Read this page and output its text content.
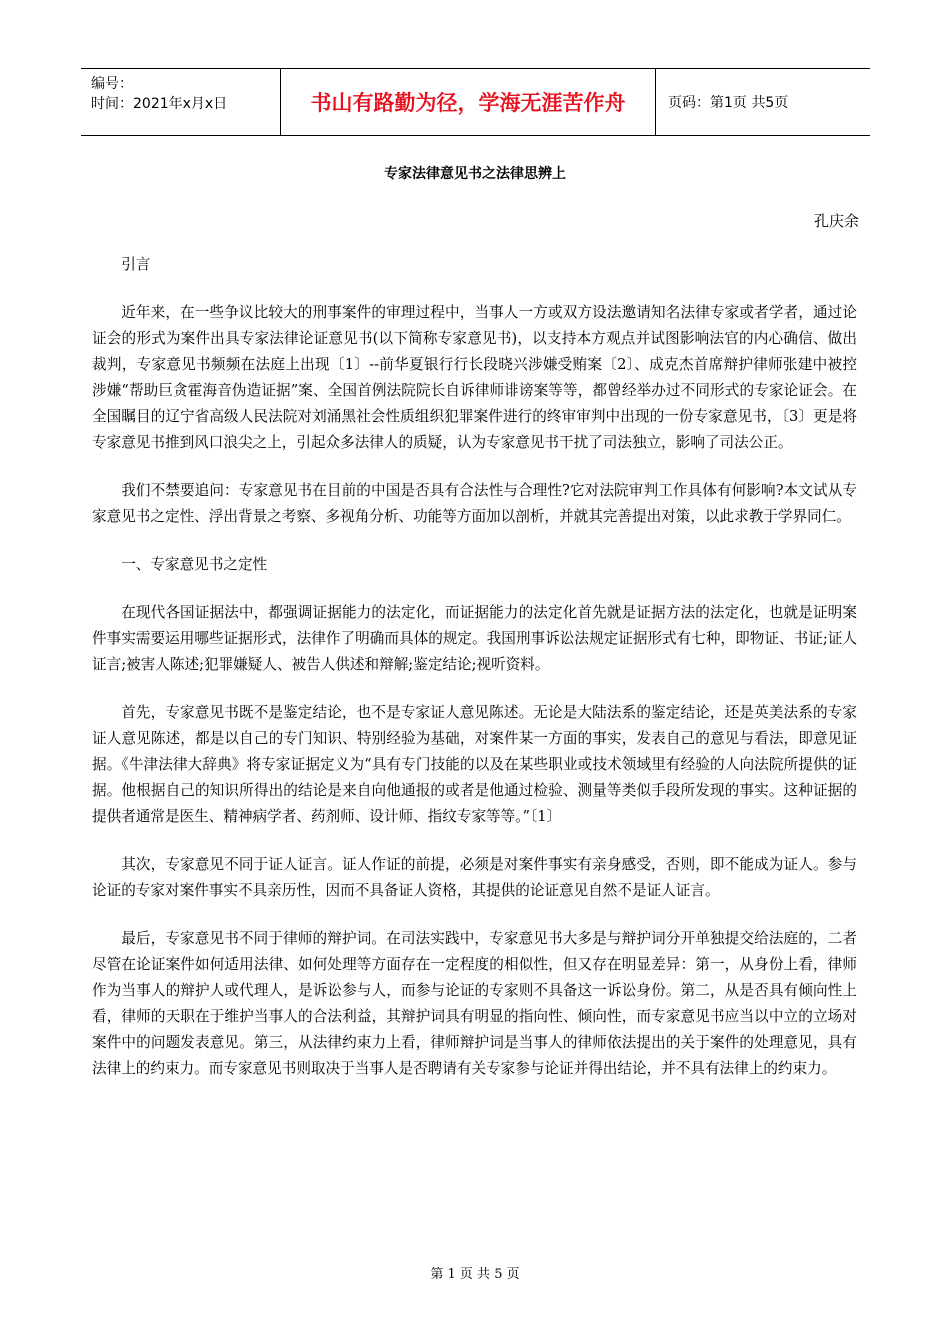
编号：
时间：2021年x月x日	书山有路勤为径，学海无涯苦作舟	页码：第1页 共5页
专家法律意见书之法律思辨上
孔庆余

引言

近年来，在一些争议比较大的刑事案件的审理过程中，当事人一方或双方设法邀请知名法律专家或者学者，通过论证会的形式为案件出具专家法律论证意见书(以下简称专家意见书)，以支持本方观点并试图影响法官的内心确信、做出裁判，专家意见书频频在法庭上出现〔1〕--前华夏银行行长段晓兴涉嫌受贿案〔2〕、成克杰首席辩护律师张建中被控涉嫌“帮助巨贪霍海音伪造证据”案、全国首例法院院长自诉律师诽谤案等等，都曾经举办过不同形式的专家论证会。在全国瞩目的辽宁省高级人民法院对刘涌黑社会性质组织犯罪案件进行的终审审判中出现的一份专家意见书，〔3〕更是将专家意见书推到风口浪尖之上，引起众多法律人的质疑，认为专家意见书干扰了司法独立，影响了司法公正。

我们不禁要追问：专家意见书在目前的中国是否具有合法性与合理性?它对法院审判工作具体有何影响?本文试从专家意见书之定性、浮出背景之考察、多视角分析、功能等方面加以剖析，并就其完善提出对策，以此求教于学界同仁。

一、专家意见书之定性

在现代各国证据法中，都强调证据能力的法定化，而证据能力的法定化首先就是证据方法的法定化，也就是证明案件事实需要运用哪些证据形式，法律作了明确而具体的规定。我国刑事诉讼法规定证据形式有七种，即物证、书证;证人证言;被害人陈述;犯罪嫌疑人、被告人供述和辩解;鉴定结论;视听资料。

首先，专家意见书既不是鉴定结论，也不是专家证人意见陈述。无论是大陆法系的鉴定结论，还是英美法系的专家证人意见陈述，都是以自己的专门知识、特别经验为基础，对案件某一方面的事实，发表自己的意见与看法，即意见证据。《牛津法律大辞典》将专家证据定义为“具有专门技能的以及在某些职业或技术领域里有经验的人向法院所提供的证据。他根据自己的知识所得出的结论是来自向他通报的或者是他通过检验、测量等类似手段所发现的事实。这种证据的提供者通常是医生、精神病学者、药剂师、设计师、指纹专家等等。”〔1〕

其次，专家意见不同于证人证言。证人作证的前提，必须是对案件事实有亲身感受，否则，即不能成为证人。参与论证的专家对案件事实不具亲历性，因而不具备证人资格，其提供的论证意见自然不是证人证言。

最后，专家意见书不同于律师的辩护词。在司法实践中，专家意见书大多是与辩护词分开单独提交给法庭的，二者尽管在论证案件如何适用法律、如何处理等方面存在一定程度的相似性，但又存在明显差异：第一，从身份上看，律师作为当事人的辩护人或代理人，是诉讼参与人，而参与论证的专家则不具备这一诉讼身份。第二，从是否具有倾向性上看，律师的天职在于维护当事人的合法利益，其辩护词具有明显的指向性、倾向性，而专家意见书应当以中立的立场对案件中的问题发表意见。第三，从法律约束力上看，律师辩护词是当事人的律师依法提出的关于案件的处理意见，具有法律上的约束力。而专家意见书则取决于当事人是否聘请有关专家参与论证并得出结论，并不具有法律上的约束力。

第 1 页 共 5 页
